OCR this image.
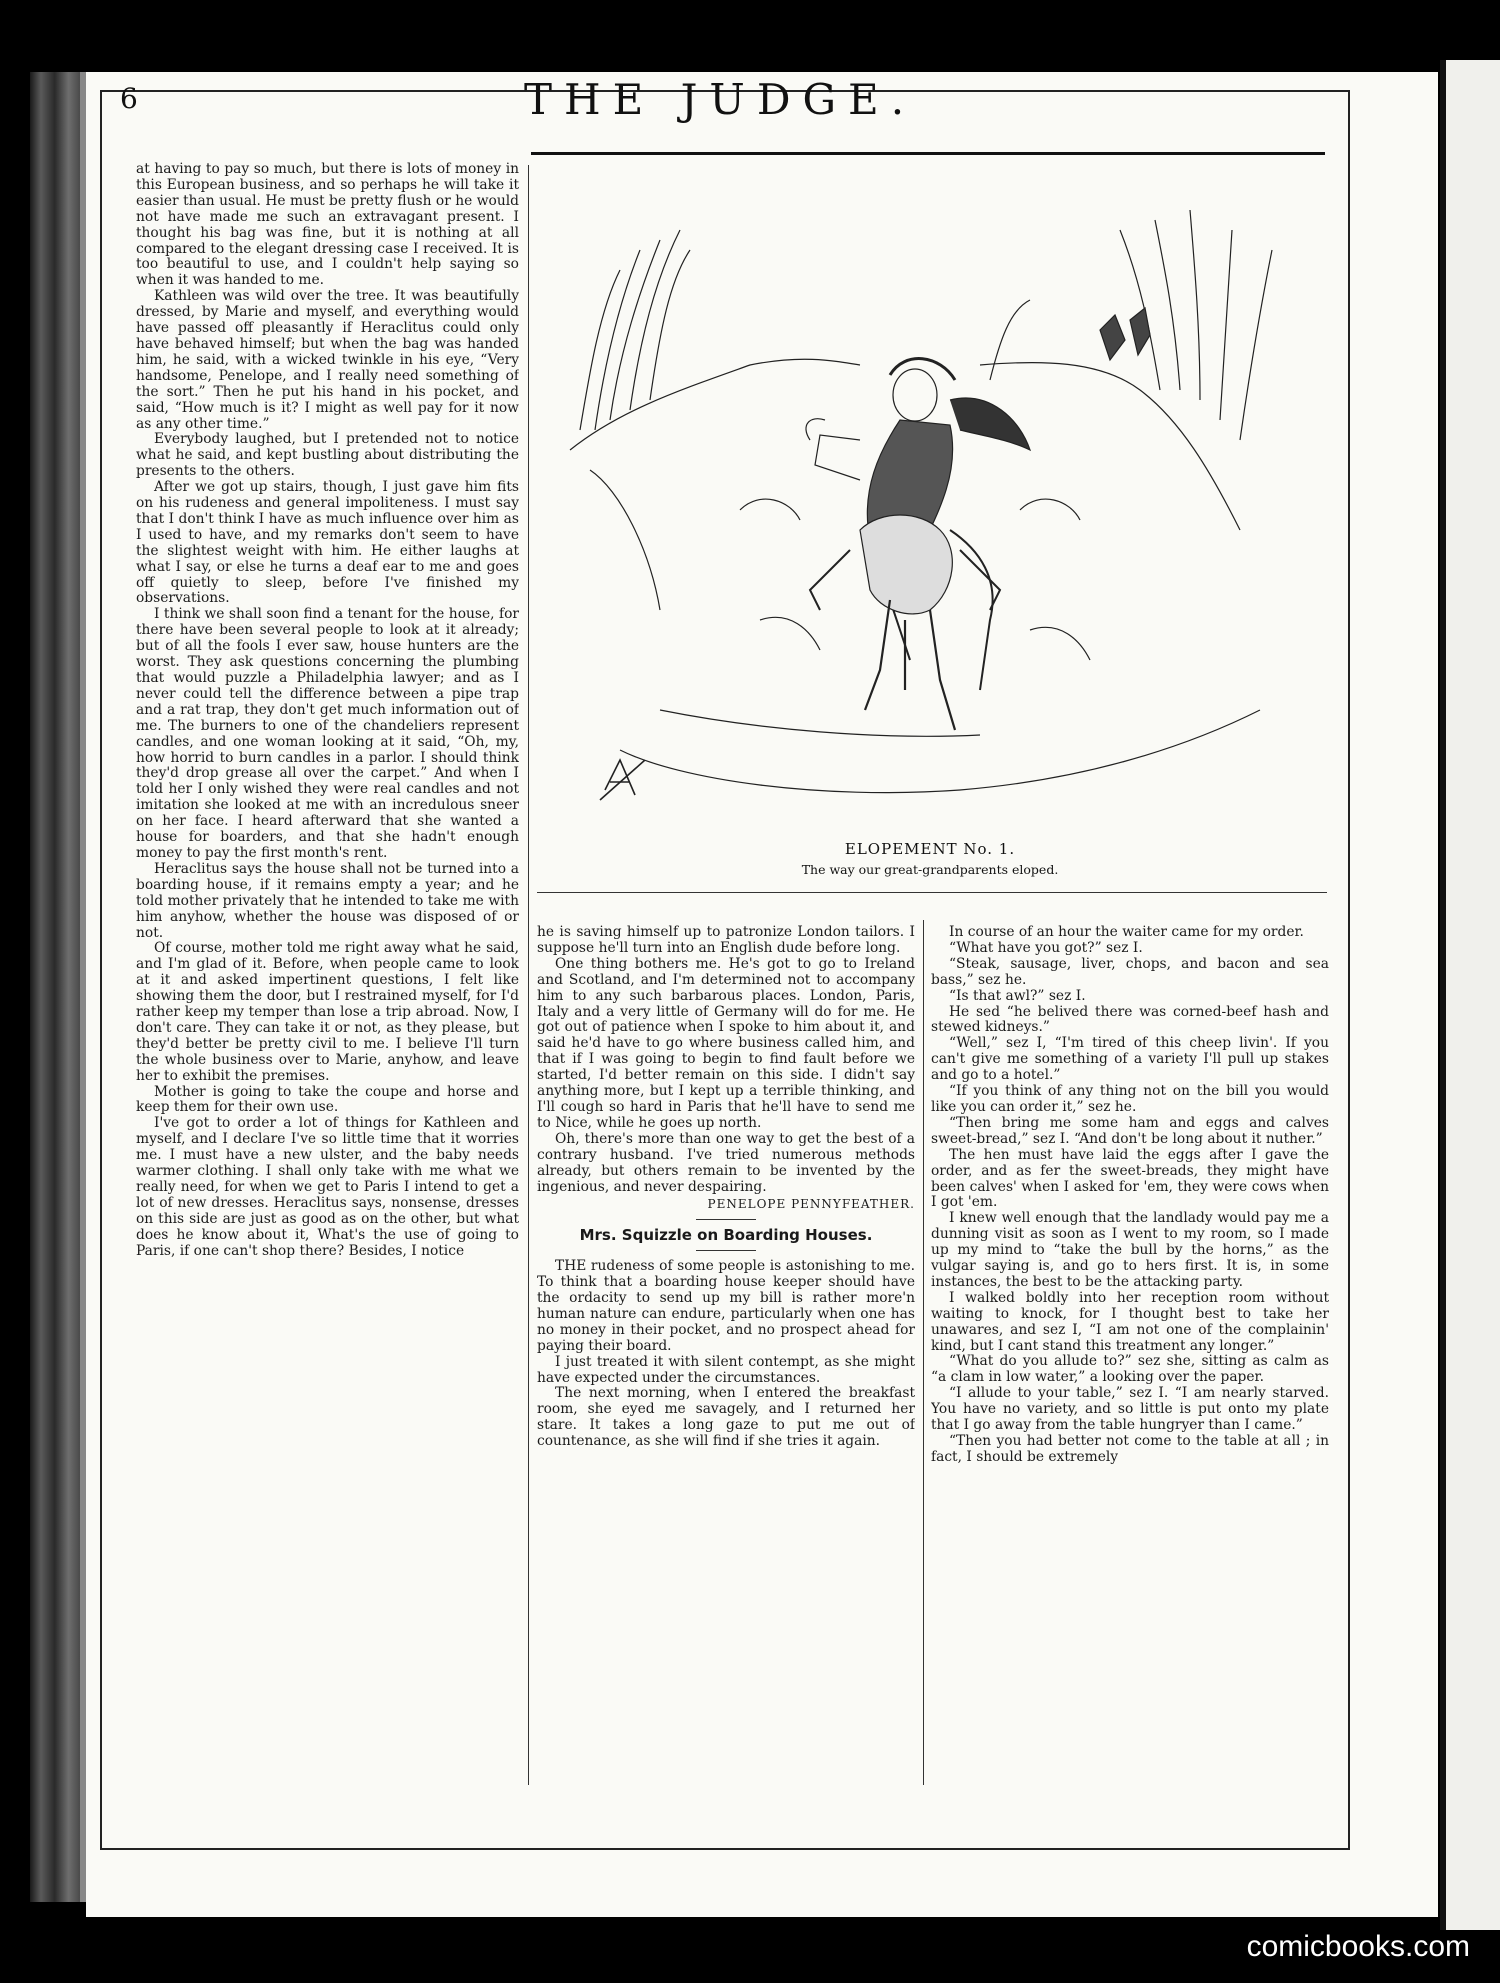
6	THE JUDGE.

at having to pay so much, but there is lots of money in this European business, and so perhaps he will take it easier than usual. He must be pretty flush or he would not have made me such an extravagant present. I thought his bag was fine, but it is nothing at all compared to the elegant dressing case I received. It is too beautiful to use, and I couldn't help saying so when it was handed to me.

Kathleen was wild over the tree. It was beautifully dressed, by Marie and myself, and everything would have passed off pleasantly if Heraclitus could only have behaved himself; but when the bag was handed him, he said, with a wicked twinkle in his eye, “Very handsome, Penelope, and I really need something of the sort.” Then he put his hand in his pocket, and said, “How much is it? I might as well pay for it now as any other time.”

Everybody laughed, but I pretended not to notice what he said, and kept bustling about distributing the presents to the others.

After we got up stairs, though, I just gave him fits on his rudeness and general impoliteness. I must say that I don't think I have as much influence over him as I used to have, and my remarks don't seem to have the slightest weight with him. He either laughs at what I say, or else he turns a deaf ear to me and goes off quietly to sleep, before I've finished my observations.

I think we shall soon find a tenant for the house, for there have been several people to look at it already; but of all the fools I ever saw, house hunters are the worst. They ask questions concerning the plumbing that would puzzle a Philadelphia lawyer; and as I never could tell the difference between a pipe trap and a rat trap, they don't get much information out of me. The burners to one of the chandeliers represent candles, and one woman looking at it said, “Oh, my, how horrid to burn candles in a parlor. I should think they'd drop grease all over the carpet.” And when I told her I only wished they were real candles and not imitation she looked at me with an incredulous sneer on her face. I heard afterward that she wanted a house for boarders, and that she hadn't enough money to pay the first month's rent.

Heraclitus says the house shall not be turned into a boarding house, if it remains empty a year; and he told mother privately that he intended to take me with him anyhow, whether the house was disposed of or not.

Of course, mother told me right away what he said, and I'm glad of it. Before, when people came to look at it and asked impertinent questions, I felt like showing them the door, but I restrained myself, for I'd rather keep my temper than lose a trip abroad. Now, I don't care. They can take it or not, as they please, but they'd better be pretty civil to me. I believe I'll turn the whole business over to Marie, anyhow, and leave her to exhibit the premises.

Mother is going to take the coupe and horse and keep them for their own use.

I've got to order a lot of things for Kathleen and myself, and I declare I've so little time that it worries me. I must have a new ulster, and the baby needs warmer clothing. I shall only take with me what we really need, for when we get to Paris I intend to get a lot of new dresses. Heraclitus says, nonsense, dresses on this side are just as good as on the other, but what does he know about it, What's the use of going to Paris, if one can't shop there? Besides, I notice

ELOPEMENT No. 1.
The way our great-grandparents eloped.

he is saving himself up to patronize London tailors. I suppose he'll turn into an English dude before long.

One thing bothers me. He's got to go to Ireland and Scotland, and I'm determined not to accompany him to any such barbarous places. London, Paris, Italy and a very little of Germany will do for me. He got out of patience when I spoke to him about it, and said he'd have to go where business called him, and that if I was going to begin to find fault before we started, I'd better remain on this side. I didn't say anything more, but I kept up a terrible thinking, and I'll cough so hard in Paris that he'll have to send me to Nice, while he goes up north.

Oh, there's more than one way to get the best of a contrary husband. I've tried numerous methods already, but others remain to be invented by the ingenious, and never despairing.

PENELOPE PENNYFEATHER.
Mrs. Squizzle on Boarding Houses.

THE rudeness of some people is astonishing to me. To think that a boarding house keeper should have the ordacity to send up my bill is rather more'n human nature can endure, particularly when one has no money in their pocket, and no prospect ahead for paying their board.

I just treated it with silent contempt, as she might have expected under the circumstances.

The next morning, when I entered the breakfast room, she eyed me savagely, and I returned her stare. It takes a long gaze to put me out of countenance, as she will find if she tries it again.

In course of an hour the waiter came for my order.

“What have you got?” sez I.

“Steak, sausage, liver, chops, and bacon and sea bass,” sez he.

“Is that awl?” sez I.

He sed “he belived there was corned-beef hash and stewed kidneys.”

“Well,” sez I, “I'm tired of this cheep livin'. If you can't give me something of a variety I'll pull up stakes and go to a hotel.”

“If you think of any thing not on the bill you would like you can order it,” sez he.

“Then bring me some ham and eggs and calves sweet-bread,” sez I. “And don't be long about it nuther.”

The hen must have laid the eggs after I gave the order, and as fer the sweet-breads, they might have been calves' when I asked for 'em, they were cows when I got 'em.

I knew well enough that the landlady would pay me a dunning visit as soon as I went to my room, so I made up my mind to “take the bull by the horns,” as the vulgar saying is, and go to hers first. It is, in some instances, the best to be the attacking party.

I walked boldly into her reception room without waiting to knock, for I thought best to take her unawares, and sez I, “I am not one of the complainin' kind, but I cant stand this treatment any longer.”

“What do you allude to?” sez she, sitting as calm as “a clam in low water,” a looking over the paper.

“I allude to your table,” sez I. “I am nearly starved. You have no variety, and so little is put onto my plate that I go away from the table hungryer than I came.”

“Then you had better not come to the table at all ; in fact, I should be extremely

comicbooks.com
